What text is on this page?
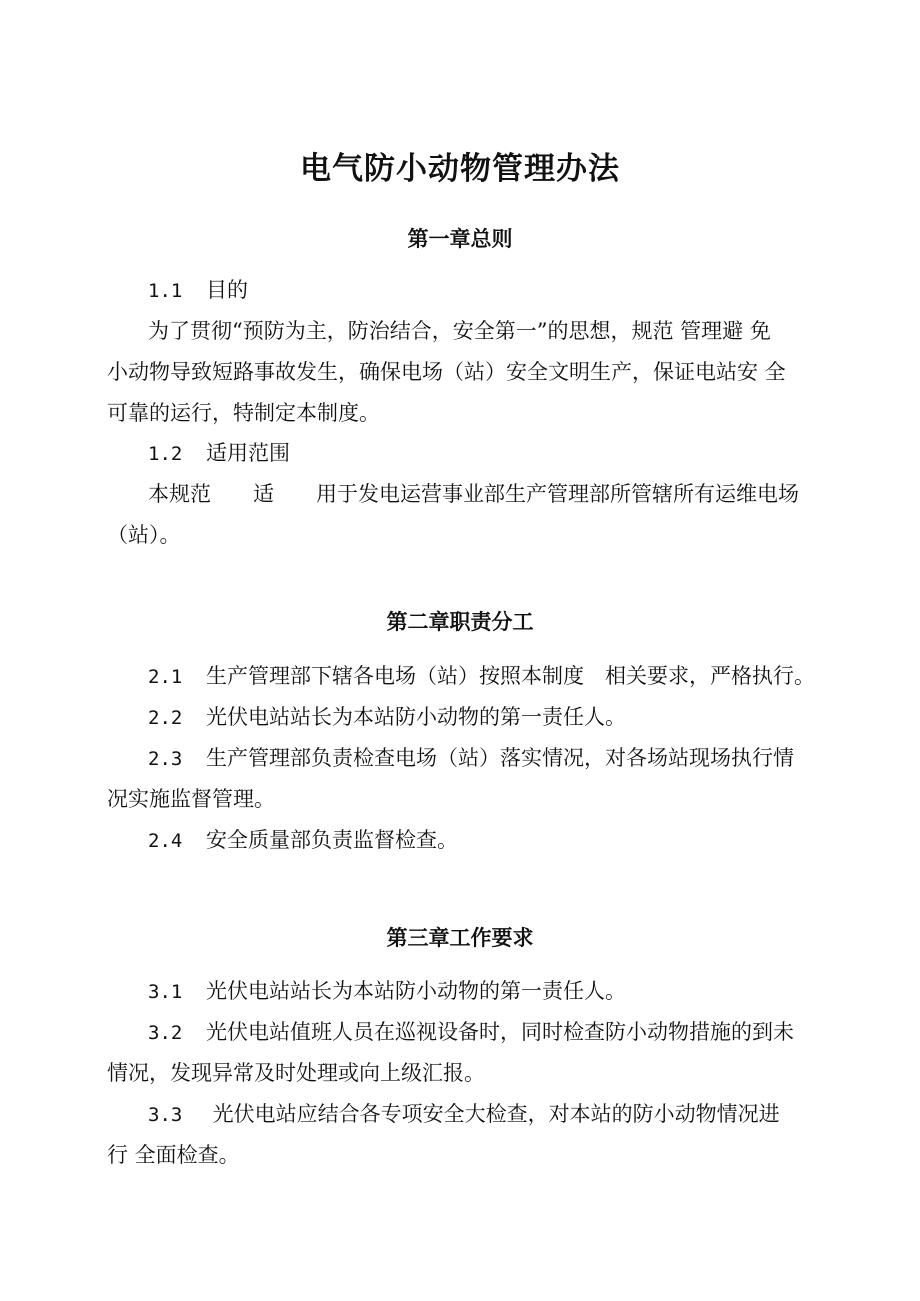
电气防小动物管理办法
第一章总则

1.1 目的

为了贯彻“预防为主，防治结合，安全第一”的思想，规范 管理避 免
小动物导致短路事故发生，确保电场（站）安全文明生产，保证电站安 全
可靠的运行，特制定本制度。

1.2 适用范围

本规范　　适　　用于发电运营事业部生产管理部所管辖所有运维电场
（站）。

第二章职责分工

2.1 生产管理部下辖各电场（站）按照本制度　相关要求，严格执行。

2.2 光伏电站站长为本站防小动物的第一责任人。

2.3 生产管理部负责检查电场（站）落实情况，对各场站现场执行情
况实施监督管理。

2.4 安全质量部负责监督检查。

第三章工作要求

3.1 光伏电站站长为本站防小动物的第一责任人。

3.2 光伏电站值班人员在巡视设备时，同时检查防小动物措施的到未
情况，发现异常及时处理或向上级汇报。

3.3 光伏电站应结合各专项安全大检查，对本站的防小动物情况进
行 全面检查。
